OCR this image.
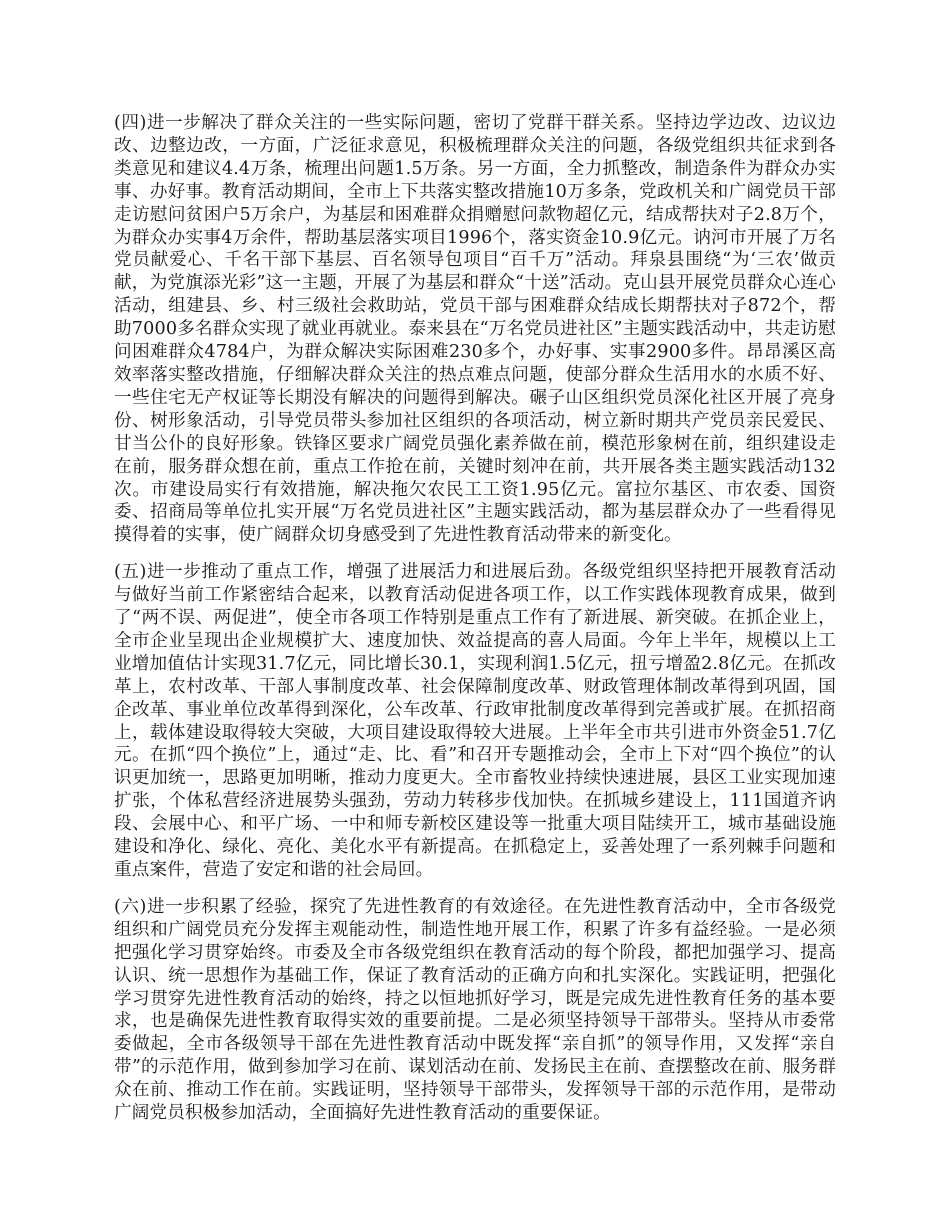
(四)进一步解决了群众关注的一些实际问题，密切了党群干群关系。坚持边学边改、边议边改、边整边改，一方面，广泛征求意见，积极梳理群众关注的问题，各级党组织共征求到各类意见和建议4.4万条，梳理出问题1.5万条。另一方面，全力抓整改，制造条件为群众办实事、办好事。教育活动期间，全市上下共落实整改措施10万多条，党政机关和广阔党员干部走访慰问贫困户5万余户，为基层和困难群众捐赠慰问款物超亿元，结成帮扶对子2.8万个，为群众办实事4万余件，帮助基层落实项目1996个，落实资金10.9亿元。讷河市开展了万名党员献爱心、千名干部下基层、百名领导包项目“百千万”活动。拜泉县围绕“为‘三农’做贡献，为党旗添光彩”这一主题，开展了为基层和群众“十送”活动。克山县开展党员群众心连心活动，组建县、乡、村三级社会救助站，党员干部与困难群众结成长期帮扶对子872个，帮助7000多名群众实现了就业再就业。泰来县在“万名党员进社区”主题实践活动中，共走访慰问困难群众4784户，为群众解决实际困难230多个，办好事、实事2900多件。昂昂溪区高效率落实整改措施，仔细解决群众关注的热点难点问题，使部分群众生活用水的水质不好、一些住宅无产权证等长期没有解决的问题得到解决。碾子山区组织党员深化社区开展了亮身份、树形象活动，引导党员带头参加社区组织的各项活动，树立新时期共产党员亲民爱民、甘当公仆的良好形象。铁锋区要求广阔党员强化素养做在前，模范形象树在前，组织建设走在前，服务群众想在前，重点工作抢在前，关键时刻冲在前，共开展各类主题实践活动132次。市建设局实行有效措施，解决拖欠农民工工资1.95亿元。富拉尔基区、市农委、国资委、招商局等单位扎实开展“万名党员进社区”主题实践活动，都为基层群众办了一些看得见摸得着的实事，使广阔群众切身感受到了先进性教育活动带来的新变化。

(五)进一步推动了重点工作，增强了进展活力和进展后劲。各级党组织坚持把开展教育活动与做好当前工作紧密结合起来，以教育活动促进各项工作，以工作实践体现教育成果，做到了“两不误、两促进”，使全市各项工作特别是重点工作有了新进展、新突破。在抓企业上，全市企业呈现出企业规模扩大、速度加快、效益提高的喜人局面。今年上半年，规模以上工业增加值估计实现31.7亿元，同比增长30.1，实现利润1.5亿元，扭亏增盈2.8亿元。在抓改革上，农村改革、干部人事制度改革、社会保障制度改革、财政管理体制改革得到巩固，国企改革、事业单位改革得到深化，公车改革、行政审批制度改革得到完善或扩展。在抓招商上，载体建设取得较大突破，大项目建设取得较大进展。上半年全市共引进市外资金51.7亿元。在抓“四个换位”上，通过“走、比、看”和召开专题推动会，全市上下对“四个换位”的认识更加统一，思路更加明晰，推动力度更大。全市畜牧业持续快速进展，县区工业实现加速扩张，个体私营经济进展势头强劲，劳动力转移步伐加快。在抓城乡建设上，111国道齐讷段、会展中心、和平广场、一中和师专新校区建设等一批重大项目陆续开工，城市基础设施建设和净化、绿化、亮化、美化水平有新提高。在抓稳定上，妥善处理了一系列棘手问题和重点案件，营造了安定和谐的社会局回。

(六)进一步积累了经验，探究了先进性教育的有效途径。在先进性教育活动中，全市各级党组织和广阔党员充分发挥主观能动性，制造性地开展工作，积累了许多有益经验。一是必须把强化学习贯穿始终。市委及全市各级党组织在教育活动的每个阶段，都把加强学习、提高认识、统一思想作为基础工作，保证了教育活动的正确方向和扎实深化。实践证明，把强化学习贯穿先进性教育活动的始终，持之以恒地抓好学习，既是完成先进性教育任务的基本要求，也是确保先进性教育取得实效的重要前提。二是必须坚持领导干部带头。坚持从市委常委做起，全市各级领导干部在先进性教育活动中既发挥“亲自抓”的领导作用，又发挥“亲自带”的示范作用，做到参加学习在前、谋划活动在前、发扬民主在前、查摆整改在前、服务群众在前、推动工作在前。实践证明，坚持领导干部带头，发挥领导干部的示范作用，是带动广阔党员积极参加活动，全面搞好先进性教育活动的重要保证。
